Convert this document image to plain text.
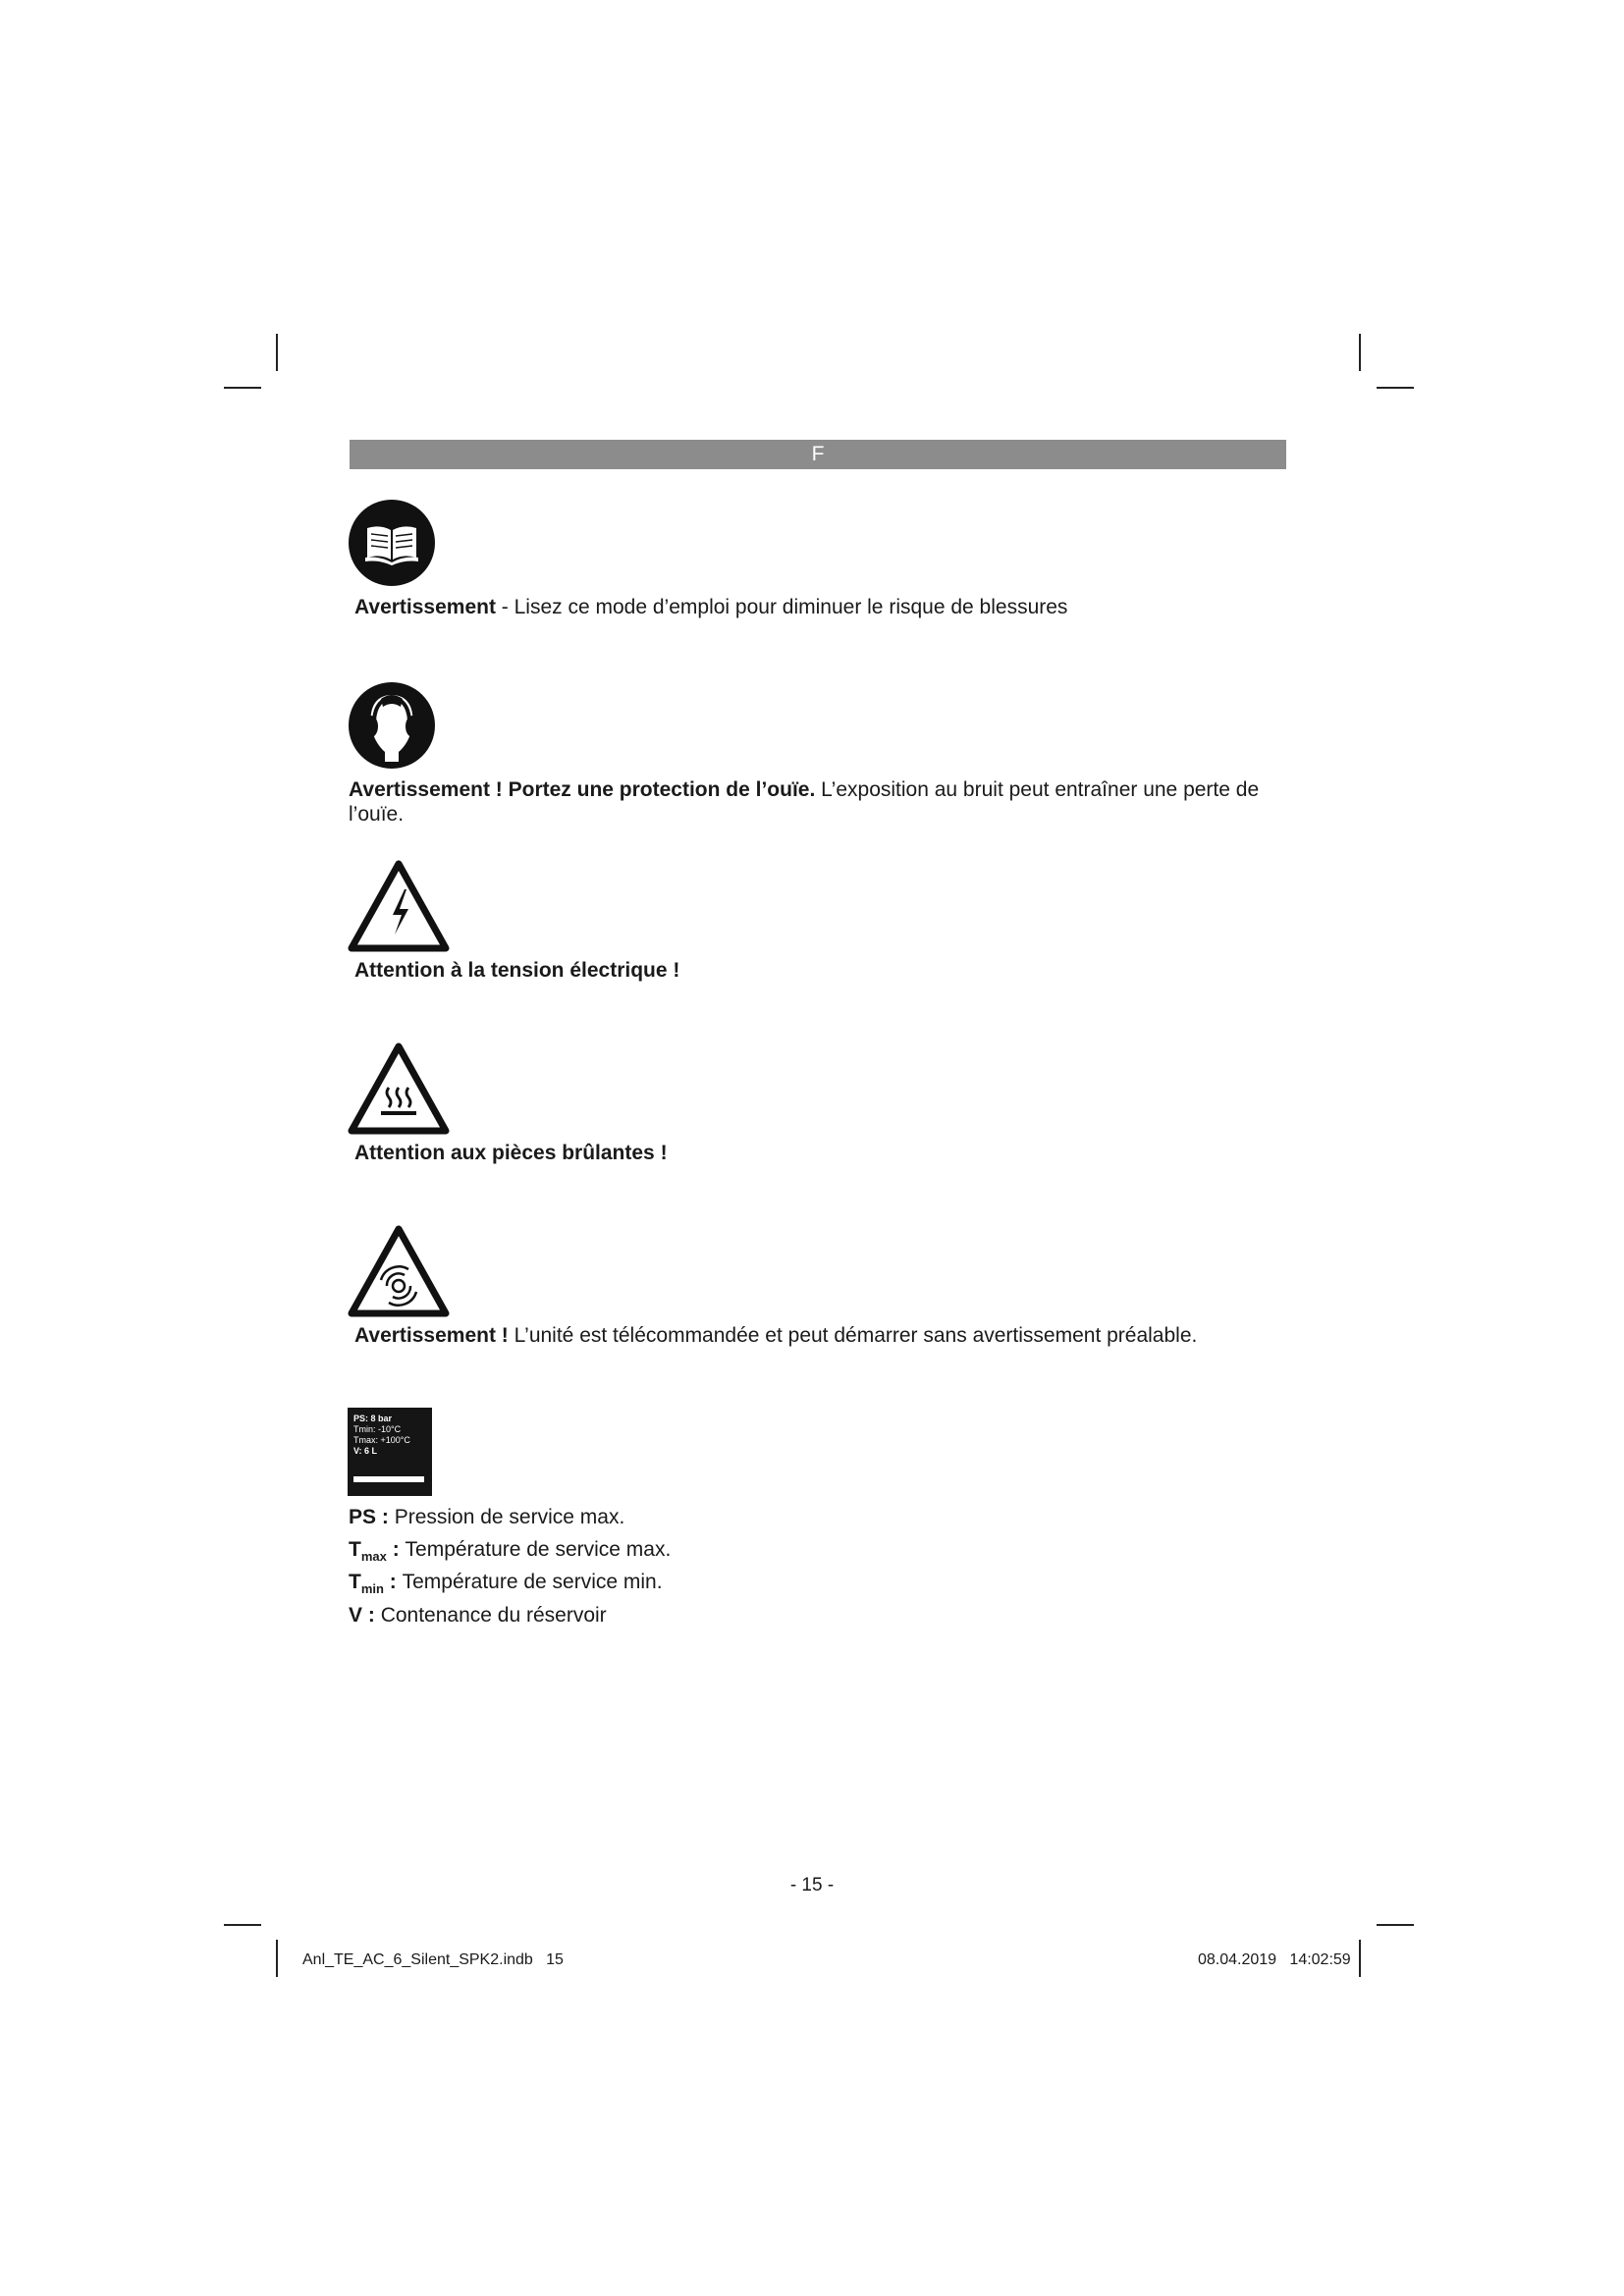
F
Avertissement - Lisez ce mode d’emploi pour diminuer le risque de blessures
Avertissement ! Portez une protection de l’ouïe. L’exposition au bruit peut entraîner une perte de l’ouïe.
Attention à la tension électrique !
Attention aux pièces brûlantes !
Avertissement ! L’unité est télécommandée et peut démarrer sans avertissement préalable.
PS: 8 bar
Tmin: -10°C
Tmax: +100°C
V: 6 L
PS : Pression de service max.
$T_{max}$ : Température de service max.
$T_{min}$ : Température de service min.
V : Contenance du réservoir
- 15 -
Anl_TE_AC_6_Silent_SPK2.indb   15	08.04.2019   14:02:59
